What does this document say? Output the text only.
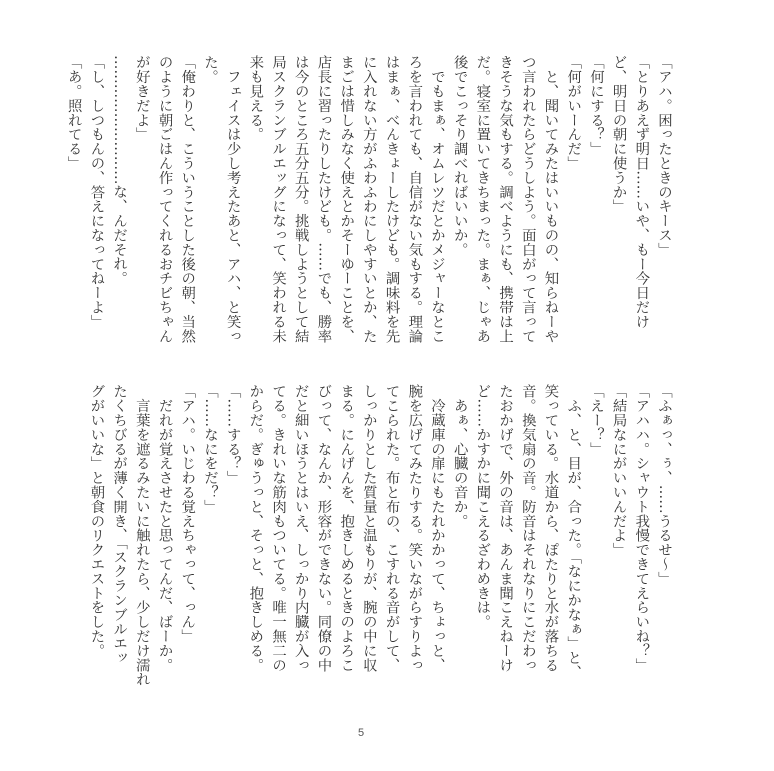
「アハ。困ったときのキース」
「とりあえず明日……いや、もー今日だけ
ど、明日の朝に使うか」
「何にする？」
「何がいーんだ」
　と、聞いてみたはいいものの、知らねーや
つ言われたらどうしよう。面白がって言って
きそうな気もする。調べようにも、携帯は上
だ。寝室に置いてきちまった。まぁ、じゃあ
後でこっそり調べればいいか。
　でもまぁ、オムレツだとかメジャーなとこ
ろを言われても、自信がない気もする。理論
はまぁ、べんきょーしたけども。調味料を先
に入れない方がふわふわにしやすいとか、た
まごは惜しみなく使えとかそーゆーことを、
店長に習ったりしたけども。……でも、勝率
は今のところ五分五分。挑戦しようとして結
局スクランブルエッグになって、笑われる未
来も見える。
　フェイスは少し考えたあと、アハ、と笑っ
た。
「俺わりと、こういうことした後の朝、当然
のように朝ごはん作ってくれるおチビちゃん
が好きだよ」
………………………な、んだそれ。
「し、しつもんの、答えになってねーよ」
「あ。照れてる」
「ふぁっ、ぅ、……うるせ〜」
「アハハ。シャウト我慢できてえらいね？」
「結局なにがいいんだよ」
「えー？」
　ふ、と、目が、合った。「なにかなぁ」と、
笑っている。水道から、ぽたりと水が落ちる
音。換気扇の音。防音はそれなりにこだわっ
たおかげで、外の音は、あんま聞こえねーけ
ど……かすかに聞こえるざわめきは。
　あぁ、心臓の音か。
　冷蔵庫の扉にもたれかかって、ちょっと、
腕を広げてみたりする。笑いながらすりよっ
てこられた。布と布の、こすれる音がして、
しっかりとした質量と温もりが、腕の中に収
まる。にんげんを、抱きしめるときのよろこ
びって、なんか、形容ができない。同僚の中
だと細いほうとはいえ、しっかり内臓が入っ
てる。きれいな筋肉もついてる。唯一無二の
からだ。ぎゅうっと、そっと、抱きしめる。
「……する？」
「……なにをだ？」
「アハ。いじわる覚えちゃって、っん」
　だれが覚えさせたと思ってんだ、ばーか。
　言葉を遮るみたいに触れたら、少しだけ濡れ
たくちびるが薄く開き、「スクランブルエッ
グがいいな」と朝食のリクエストをした。
5
